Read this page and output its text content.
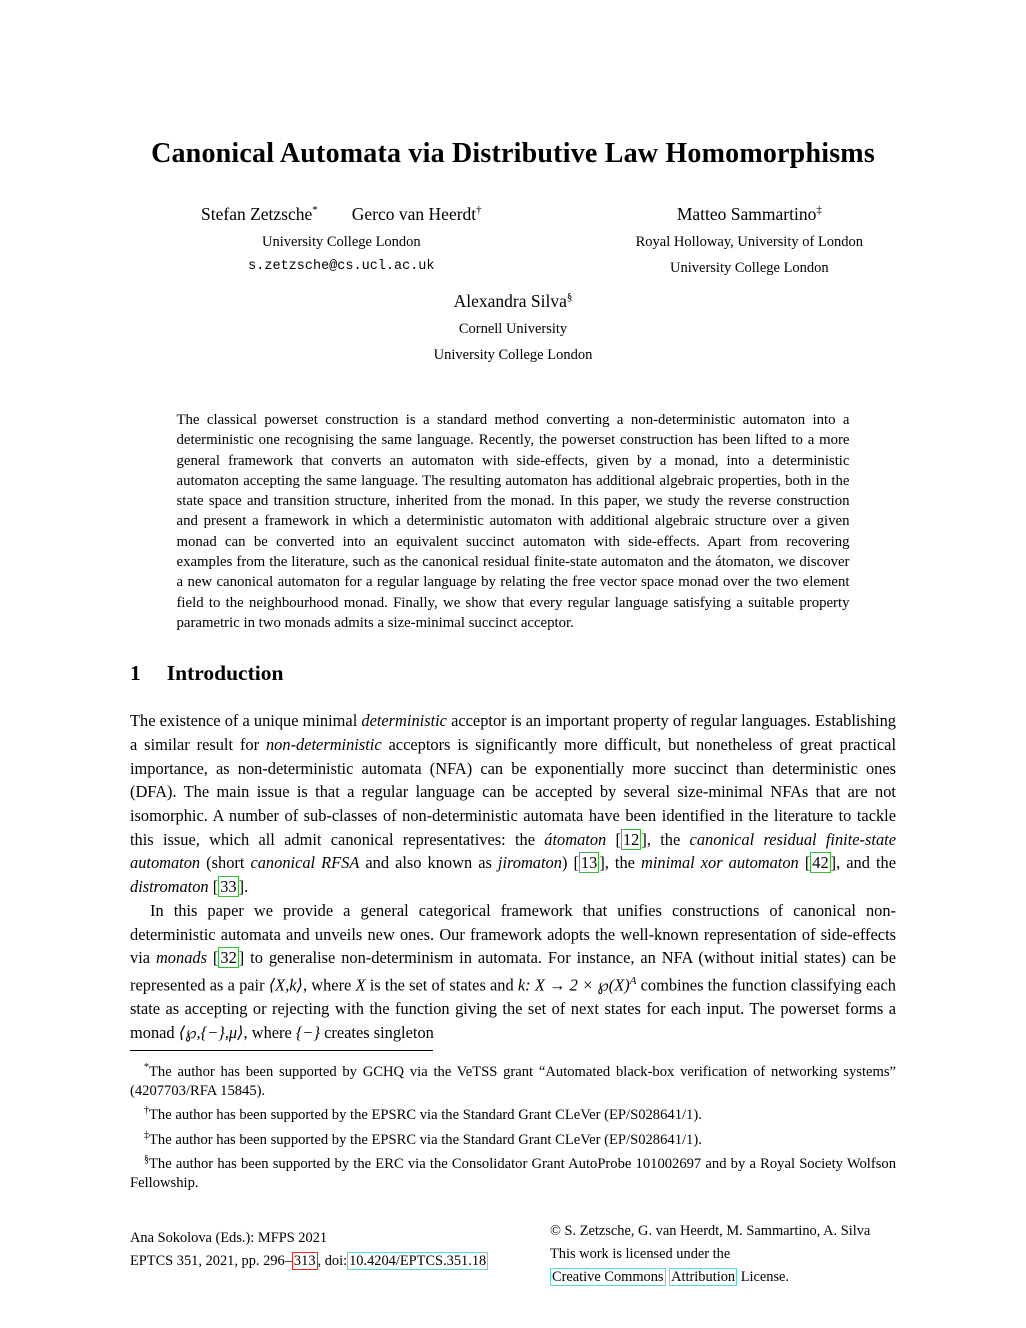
Canonical Automata via Distributive Law Homomorphisms
Stefan Zetzsche* Gerco van Heerdt†
University College London
s.zetzsche@cs.ucl.ac.uk
Matteo Sammartino‡
Royal Holloway, University of London
University College London
Alexandra Silva§
Cornell University
University College London
The classical powerset construction is a standard method converting a non-deterministic automaton into a deterministic one recognising the same language. Recently, the powerset construction has been lifted to a more general framework that converts an automaton with side-effects, given by a monad, into a deterministic automaton accepting the same language. The resulting automaton has additional algebraic properties, both in the state space and transition structure, inherited from the monad. In this paper, we study the reverse construction and present a framework in which a deterministic automaton with additional algebraic structure over a given monad can be converted into an equivalent succinct automaton with side-effects. Apart from recovering examples from the literature, such as the canonical residual finite-state automaton and the átomaton, we discover a new canonical automaton for a regular language by relating the free vector space monad over the two element field to the neighbourhood monad. Finally, we show that every regular language satisfying a suitable property parametric in two monads admits a size-minimal succinct acceptor.
1 Introduction

The existence of a unique minimal deterministic acceptor is an important property of regular languages. Establishing a similar result for non-deterministic acceptors is significantly more difficult, but nonetheless of great practical importance, as non-deterministic automata (NFA) can be exponentially more succinct than deterministic ones (DFA). The main issue is that a regular language can be accepted by several size-minimal NFAs that are not isomorphic. A number of sub-classes of non-deterministic automata have been identified in the literature to tackle this issue, which all admit canonical representatives: the átomaton [ 12 ], the canonical residual finite-state automaton (short canonical RFSA and also known as jiromaton) [ 13 ], the minimal xor automaton [ 42 ], and the distromaton [ 33 ].

In this paper we provide a general categorical framework that unifies constructions of canonical non-deterministic automata and unveils new ones. Our framework adopts the well-known representation of side-effects via monads [ 32 ] to generalise non-determinism in automata. For instance, an NFA (without initial states) can be represented as a pair ⟨X,k⟩, where X is the set of states and k: $X \to 2 \times ℘(X)^A$ combines the function classifying each state as accepting or rejecting with the function giving the set of next states for each input. The powerset forms a monad ⟨℘,{−},μ⟩, where {−} creates singleton

*The author has been supported by GCHQ via the VeTSS grant “Automated black-box verification of networking systems” (4207703/RFA 15845).

†The author has been supported by the EPSRC via the Standard Grant CLeVer (EP/S028641/1).

‡The author has been supported by the EPSRC via the Standard Grant CLeVer (EP/S028641/1).

§The author has been supported by the ERC via the Consolidator Grant AutoProbe 101002697 and by a Royal Society Wolfson Fellowship.

Ana Sokolova (Eds.): MFPS 2021
EPTCS 351, 2021, pp. 296– 313 , doi: 10.4204/EPTCS.351.18
© S. Zetzsche, G. van Heerdt, M. Sammartino, A. Silva
This work is licensed under the
Creative Commons Attribution License.
